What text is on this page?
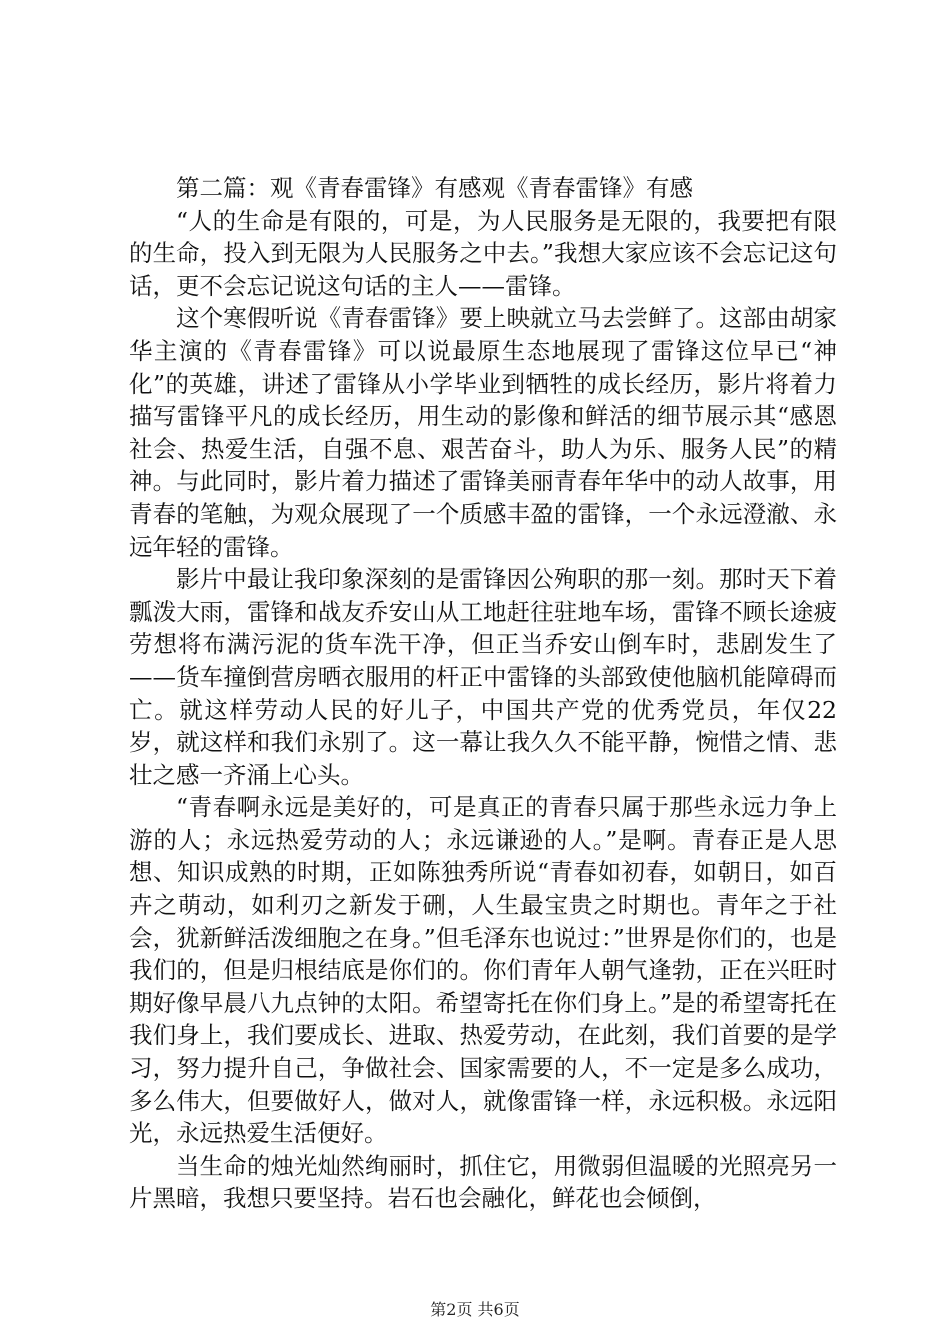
第二篇：观《青春雷锋》有感观《青春雷锋》有感

“人的生命是有限的，可是，为人民服务是无限的，我要把有限的生命，投入到无限为人民服务之中去。”我想大家应该不会忘记这句话，更不会忘记说这句话的主人——雷锋。

这个寒假听说《青春雷锋》要上映就立马去尝鲜了。这部由胡家华主演的《青春雷锋》可以说最原生态地展现了雷锋这位早已“神化”的英雄，讲述了雷锋从小学毕业到牺牲的成长经历，影片将着力描写雷锋平凡的成长经历，用生动的影像和鲜活的细节展示其“感恩社会、热爱生活，自强不息、艰苦奋斗，助人为乐、服务人民”的精神。与此同时，影片着力描述了雷锋美丽青春年华中的动人故事，用青春的笔触，为观众展现了一个质感丰盈的雷锋，一个永远澄澈、永远年轻的雷锋。

影片中最让我印象深刻的是雷锋因公殉职的那一刻。那时天下着瓢泼大雨，雷锋和战友乔安山从工地赶往驻地车场，雷锋不顾长途疲劳想将布满污泥的货车洗干净，但正当乔安山倒车时，悲剧发生了——货车撞倒营房晒衣服用的杆正中雷锋的头部致使他脑机能障碍而亡。就这样劳动人民的好儿子，中国共产党的优秀党员，年仅22岁，就这样和我们永别了。这一幕让我久久不能平静，惋惜之情、悲壮之感一齐涌上心头。

“青春啊永远是美好的，可是真正的青春只属于那些永远力争上游的人；永远热爱劳动的人；永远谦逊的人。”是啊。青春正是人思想、知识成熟的时期，正如陈独秀所说“青春如初春，如朝日，如百卉之萌动，如利刃之新发于硎，人生最宝贵之时期也。青年之于社会，犹新鲜活泼细胞之在身。”但毛泽东也说过：”世界是你们的，也是我们的，但是归根结底是你们的。你们青年人朝气逢勃，正在兴旺时期好像早晨八九点钟的太阳。希望寄托在你们身上。”是的希望寄托在我们身上，我们要成长、进取、热爱劳动，在此刻，我们首要的是学习，努力提升自己，争做社会、国家需要的人，不一定是多么成功，多么伟大，但要做好人，做对人，就像雷锋一样，永远积极。永远阳光，永远热爱生活便好。

当生命的烛光灿然绚丽时，抓住它，用微弱但温暖的光照亮另一片黑暗，我想只要坚持。岩石也会融化，鲜花也会倾倒，

第2页 共6页
